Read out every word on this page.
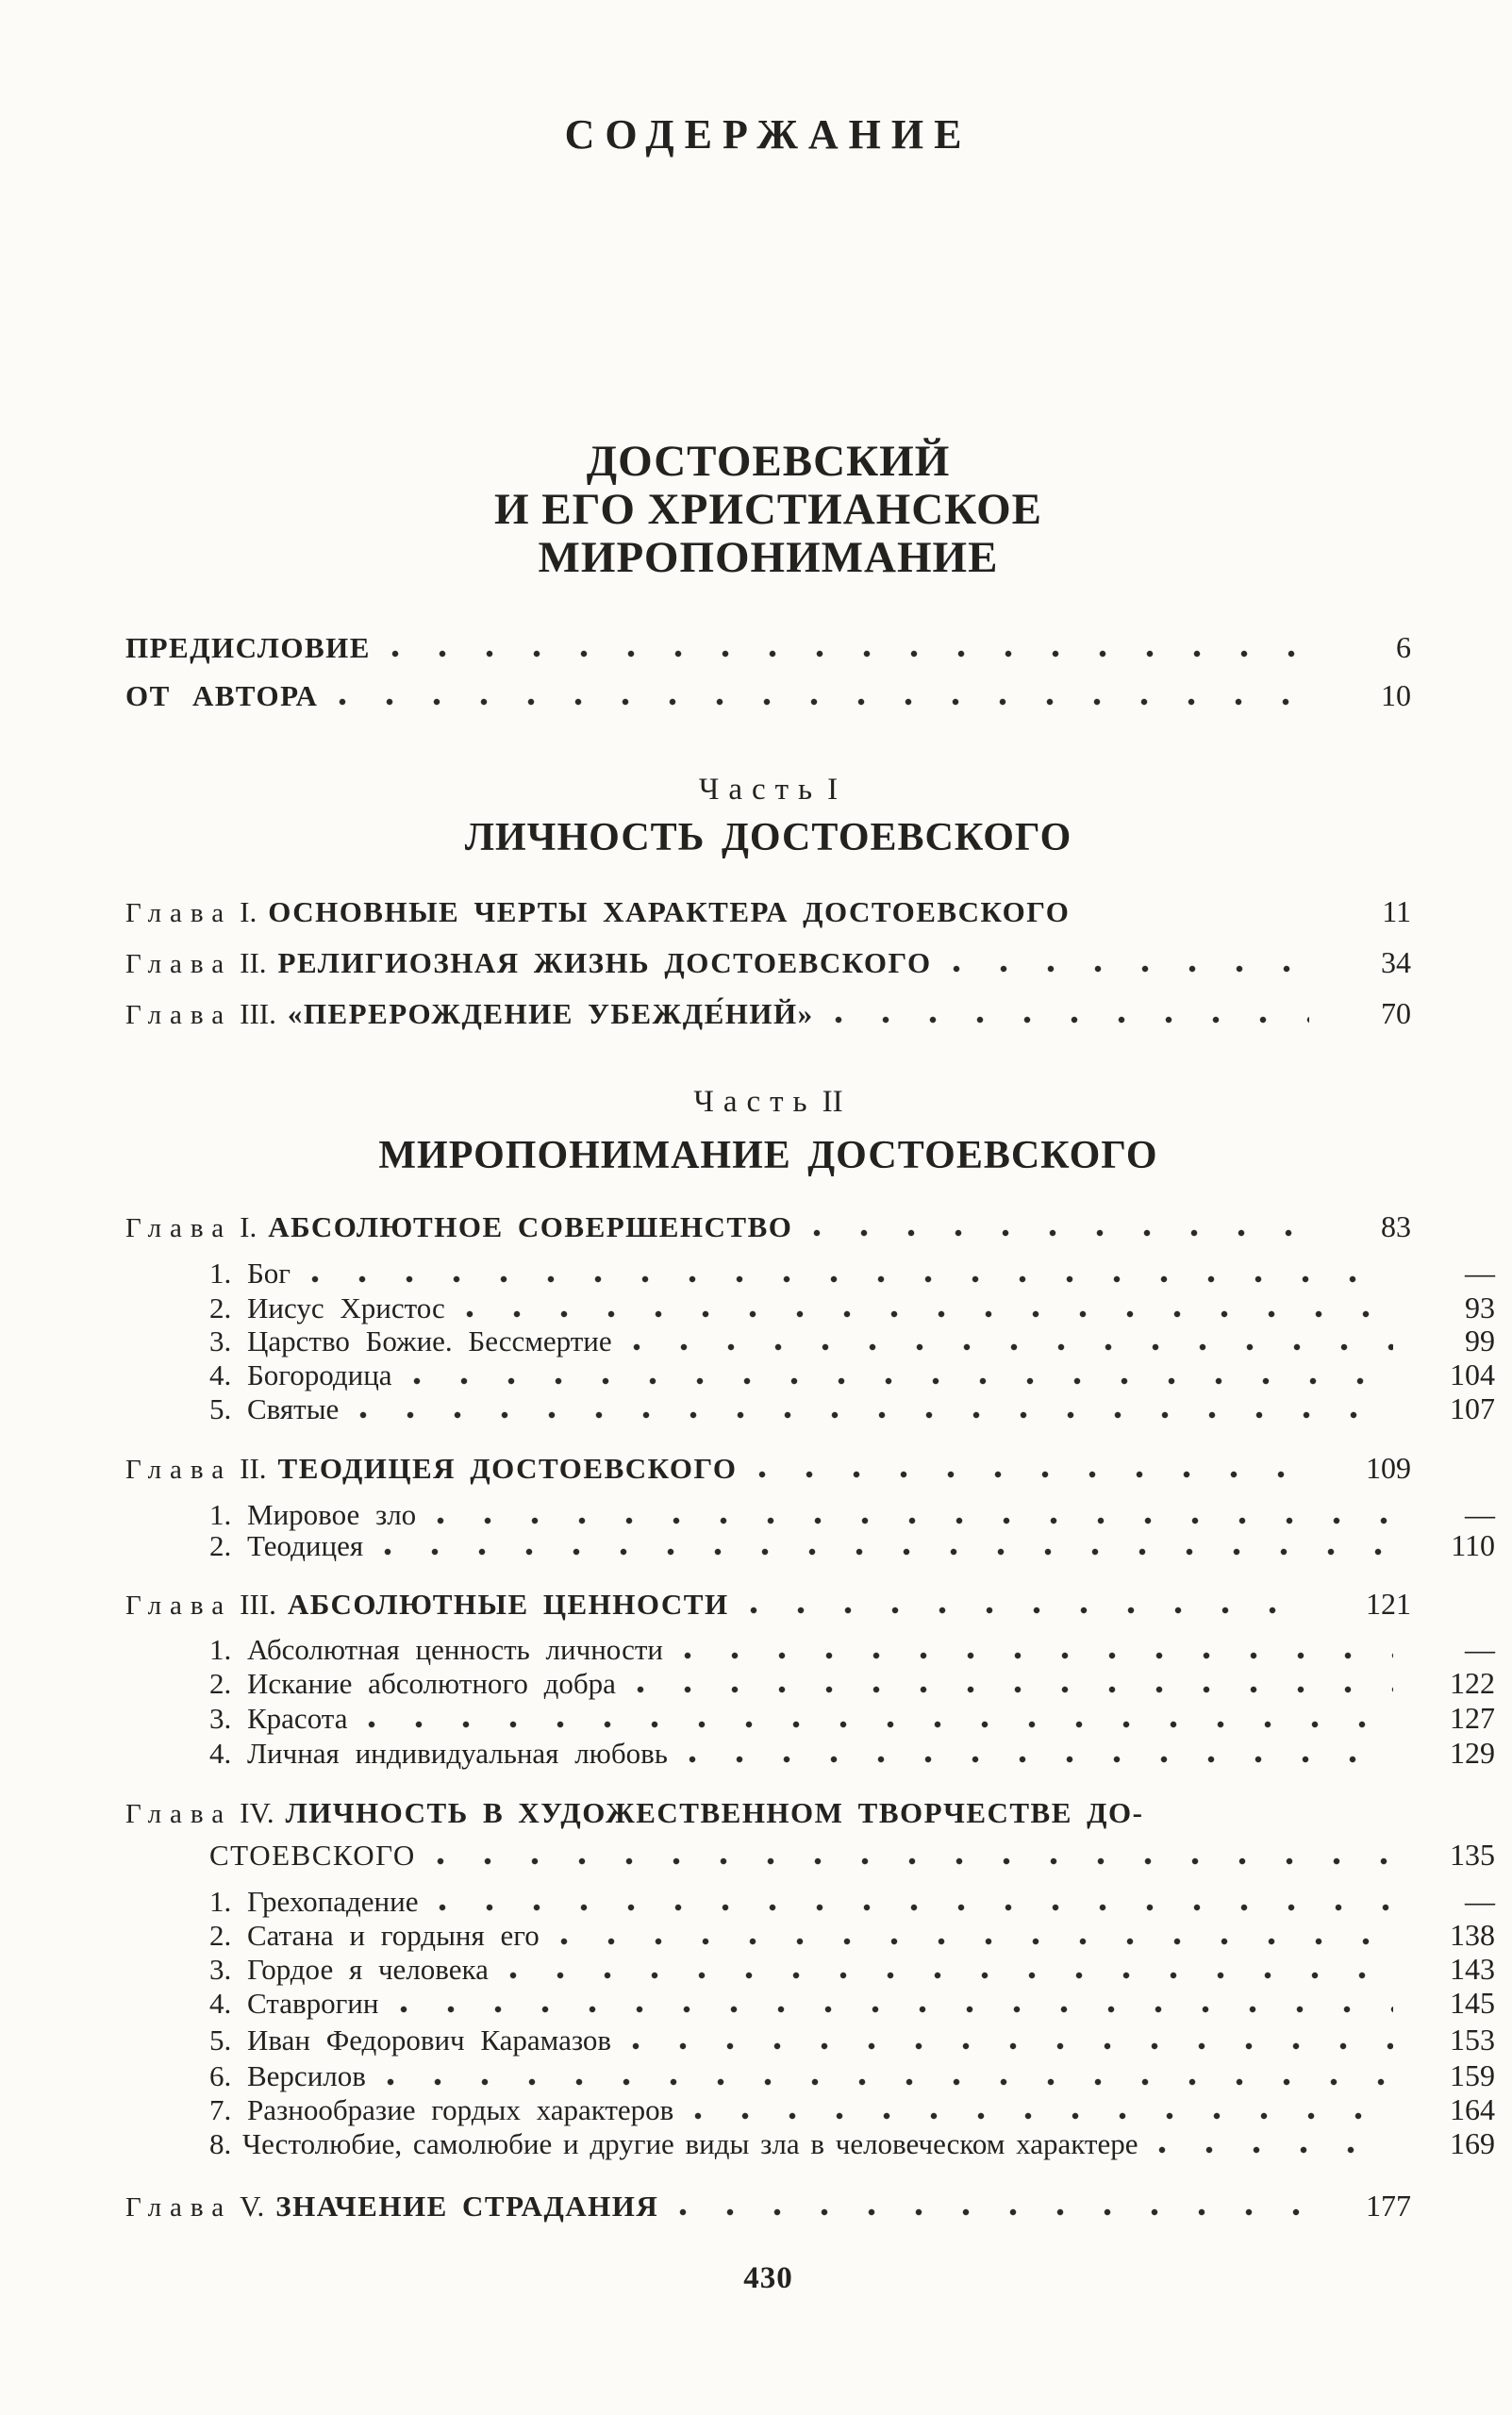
СОДЕРЖАНИЕ
ДОСТОЕВСКИЙ
И ЕГО ХРИСТИАНСКОЕ
МИРОПОНИМАНИЕ
ПРЕДИСЛОВИЕ	6
ОТ АВТОРА	10
Часть I
ЛИЧНОСТЬ ДОСТОЕВСКОГО
Глава I. ОСНОВНЫЕ ЧЕРТЫ ХАРАКТЕРА ДОСТОЕВСКОГО	11
Глава II. РЕЛИГИОЗНАЯ ЖИЗНЬ ДОСТОЕВСКОГО	34
Глава III. «ПЕРЕРОЖДЕНИЕ УБЕЖДЕ́НИЙ»	70
Часть II
МИРОПОНИМАНИЕ ДОСТОЕВСКОГО
Глава I. АБСОЛЮТНОЕ СОВЕРШЕНСТВО	83
1. Бог	—
2. Иисус Христос	93
3. Царство Божие. Бессмертие	99
4. Богородица	104
5. Святые	107
Глава II. ТЕОДИЦЕЯ ДОСТОЕВСКОГО	109
1. Мировое зло	—
2. Теодицея	110
Глава III. АБСОЛЮТНЫЕ ЦЕННОСТИ	121
1. Абсолютная ценность личности	—
2. Искание абсолютного добра	122
3. Красота	127
4. Личная индивидуальная любовь	129
Глава IV. ЛИЧНОСТЬ В ХУДОЖЕСТВЕННОМ ТВОРЧЕСТВЕ ДО-
СТОЕВСКОГО	135
1. Грехопадение	—
2. Сатана и гордыня его	138
3. Гордое я человека	143
4. Ставрогин	145
5. Иван Федорович Карамазов	153
6. Версилов	159
7. Разнообразие гордых характеров	164
8. Честолюбие, самолюбие и другие виды зла в человеческом характере	169
Глава V. ЗНАЧЕНИЕ СТРАДАНИЯ	177
430
